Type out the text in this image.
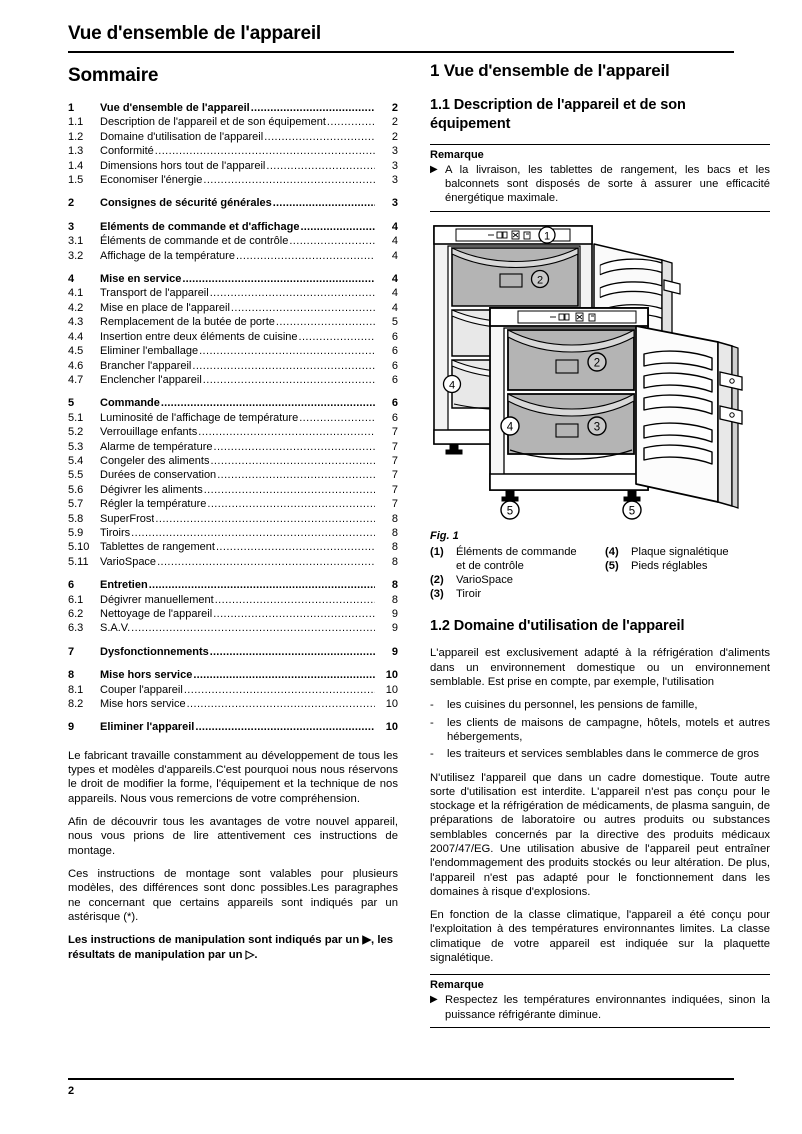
Vue d'ensemble de l'appareil
Sommaire
1	Vue d'ensemble de l'appareil .....	2
1.1	Description de l'appareil et de son équipement .....	2
1.2	Domaine d'utilisation de l'appareil .....	2
1.3	Conformité .....	3
1.4	Dimensions hors tout de l'appareil .....	3
1.5	Economiser l'énergie .....	3
2	Consignes de sécurité générales .....	3
3	Eléments de commande et d'affichage .....	4
3.1	Éléments de commande et de contrôle .....	4
3.2	Affichage de la température .....	4
4	Mise en service .....	4
4.1	Transport de l'appareil .....	4
4.2	Mise en place de l'appareil .....	4
4.3	Remplacement de la butée de porte .....	5
4.4	Insertion entre deux éléments de cuisine .....	6
4.5	Eliminer l'emballage .....	6
4.6	Brancher l'appareil .....	6
4.7	Enclencher l'appareil .....	6
5	Commande .....	6
5.1	Luminosité de l'affichage de température .....	6
5.2	Verrouillage enfants .....	7
5.3	Alarme de température .....	7
5.4	Congeler des aliments .....	7
5.5	Durées de conservation .....	7
5.6	Dégivrer les aliments .....	7
5.7	Régler la température .....	7
5.8	SuperFrost .....	8
5.9	Tiroirs .....	8
5.10 Tablettes de rangement .....	8
5.11	VarioSpace .....	8
6	Entretien .....	8
6.1	Dégivrer manuellement .....	8
6.2	Nettoyage de l'appareil .....	9
6.3	S.A.V. .....	9
7	Dysfonctionnements .....	9
8	Mise hors service .....	10
8.1	Couper l'appareil .....	10
8.2	Mise hors service .....	10
9	Eliminer l'appareil .....	10

Le fabricant travaille constamment au développement de tous les types et modèles d'appareils.C'est pourquoi nous nous réservons le droit de modifier la forme, l'équipement et la technique de nos appareils. Nous vous remercions de votre compréhension.

Afin de découvrir tous les avantages de votre nouvel appareil, nous vous prions de lire attentivement ces instructions de montage.

Ces instructions de montage sont valables pour plusieurs modèles, des différences sont donc possibles.Les paragraphes ne concernant que certains appareils sont indiqués par un astérisque (*).

Les instructions de manipulation sont indiqués par un ▶, les résultats de manipulation par un ▷.

1 Vue d'ensemble de l'appareil
1.1 Description de l'appareil et de son équipement
Remarque
▶ A la livraison, les tablettes de rangement, les bacs et les balconnets sont disposés de sorte à assurer une efficacité énergétique maximale.
1
2
4
2
3
4
5	5
Fig. 1
(1)	Éléments de commande
et de contrôle
(2)	VarioSpace
(3)	Tiroir
(4)	Plaque signalétique
(5)	Pieds réglables
1.2 Domaine d'utilisation de l'appareil

L'appareil est exclusivement adapté à la réfrigération d'aliments dans un environnement domestique ou un environnement semblable. Est prise en compte, par exemple, l'utilisation

-	les cuisines du personnel, les pensions de famille,
-	les clients de maisons de campagne, hôtels, motels et autres hébergements,
-	les traiteurs et services semblables dans le commerce de gros

N'utilisez l'appareil que dans un cadre domestique. Toute autre sorte d'utilisation est interdite. L'appareil n'est pas conçu pour le stockage et la réfrigération de médicaments, de plasma sanguin, de préparations de laboratoire ou autres produits ou substances semblables concernés par la directive des produits médicaux 2007/47/EG. Une utilisation abusive de l'appareil peut entraîner l'endommagement des produits stockés ou leur altération. De plus, l'appareil n'est pas adapté pour le fonctionnement dans les domaines à risque d'explosions.

En fonction de la classe climatique, l'appareil a été conçu pour l'exploitation à des températures environnantes limites. La classe climatique de votre appareil est indiquée sur la plaquette signalétique.

Remarque
▶ Respectez les températures environnantes indiquées, sinon la puissance réfrigérante diminue.
2
